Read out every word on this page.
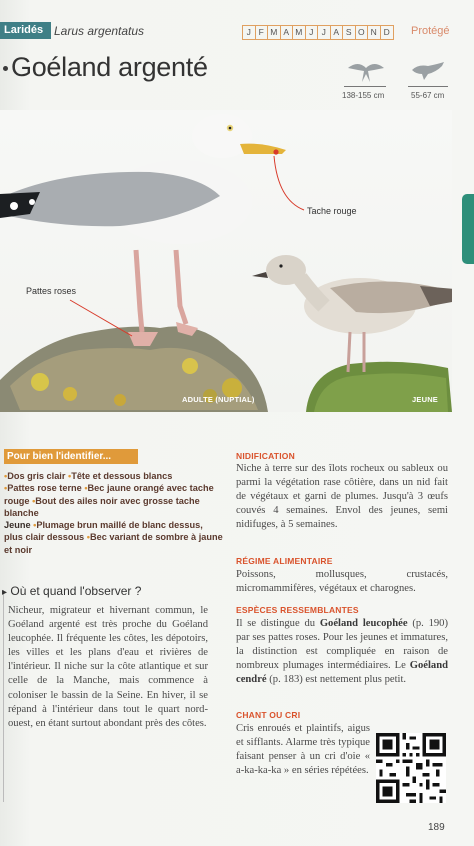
Laridés Larus argentatus	J F M A M J J A S O N D Protégé
Goéland argenté
138-155 cm	55-67 cm
Tache rouge
Pattes roses
ADULTE (NUPTIAL)	JEUNE
Pour bien l'identifier...
•Dos gris clair •Tête et dessous blancs
•Pattes rose terne •Bec jaune orangé avec tache rouge •Bout des ailes noir avec grosse tache blanche
Jeune •Plumage brun maillé de blanc dessus, plus clair dessous •Bec variant de sombre à jaune et noir
▸ Où et quand l'observer ?
Nicheur, migrateur et hivernant commun, le Goéland argenté est très proche du Goéland leucophée. Il fréquente les côtes, les dépotoirs, les villes et les plans d'eau et rivières de l'intérieur. Il niche sur la côte atlantique et sur celle de la Manche, mais commence à coloniser le bassin de la Seine. En hiver, il se répand à l'intérieur dans tout le quart nord-ouest, en étant surtout abondant près des côtes.
NIDIFICATION
Niche à terre sur des îlots rocheux ou sableux ou parmi la végétation rase côtière, dans un nid fait de végétaux et garni de plumes. Jusqu'à 3 œufs couvés 4 semaines. Envol des jeunes, semi nidifuges, à 5 semaines.
RÉGIME ALIMENTAIRE
Poissons, mollusques, crustacés, micromammifères, végétaux et charognes.
ESPÈCES RESSEMBLANTES
Il se distingue du Goéland leucophée (p. 190) par ses pattes roses. Pour les jeunes et immatures, la distinction est compliquée en raison de nombreux plumages intermédiaires. Le Goéland cendré (p. 183) est nettement plus petit.
CHANT OU CRI
Cris enroués et plaintifs, aigus et sifflants. Alarme très typique faisant penser à un cri d'oie « a-ka-ka-ka » en séries répétées.
189
